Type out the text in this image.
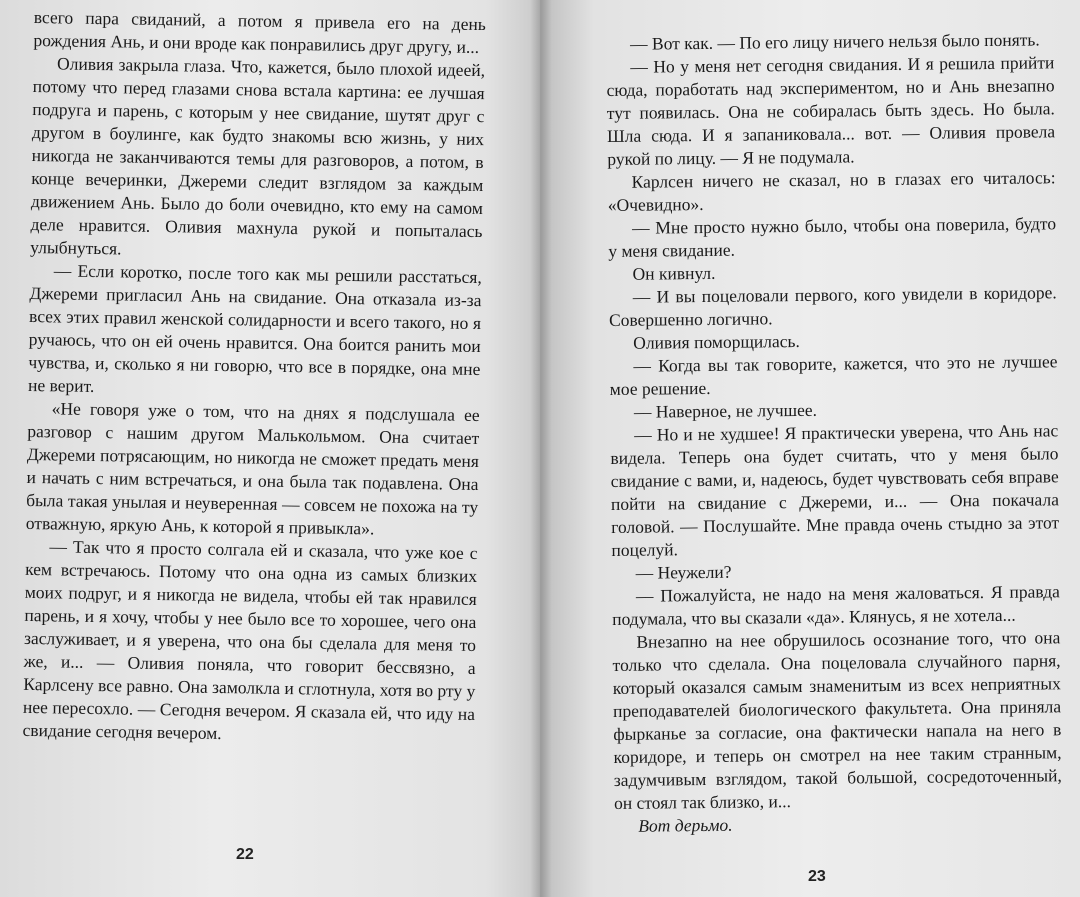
всего пара свиданий, а потом я привела его на день рождения Ань, и они вроде как понравились друг другу, и...

Оливия закрыла глаза. Что, кажется, было плохой идеей, потому что перед глазами снова встала картина: ее лучшая подруга и парень, с которым у нее свидание, шутят друг с другом в боулинге, как будто знакомы всю жизнь, у них никогда не заканчиваются темы для разговоров, а потом, в конце вечеринки, Джереми следит взглядом за каждым движением Ань. Было до боли очевидно, кто ему на самом деле нравится. Оливия махнула рукой и попыталась улыбнуться.

— Если коротко, после того как мы решили расстаться, Джереми пригласил Ань на свидание. Она отказала из-за всех этих правил женской солидарности и всего такого, но я ручаюсь, что он ей очень нравится. Она боится ранить мои чувства, и, сколько я ни говорю, что все в порядке, она мне не верит.

«Не говоря уже о том, что на днях я подслушала ее разговор с нашим другом Малькольмом. Она считает Джереми потрясающим, но никогда не сможет предать меня и начать с ним встречаться, и она была так подавлена. Она была такая унылая и неуверенная — совсем не похожа на ту отважную, яркую Ань, к которой я привыкла».

— Так что я просто солгала ей и сказала, что уже кое с кем встречаюсь. Потому что она одна из самых близких моих подруг, и я никогда не видела, чтобы ей так нравился парень, и я хочу, чтобы у нее было все то хорошее, чего она заслуживает, и я уверена, что она бы сделала для меня то же, и... — Оливия поняла, что говорит бессвязно, а Карлсену все равно. Она замолкла и сглотнула, хотя во рту у нее пересохло. — Сегодня вечером. Я сказала ей, что иду на свидание сегодня вечером.

22

— Вот как. — По его лицу ничего нельзя было понять.

— Но у меня нет сегодня свидания. И я решила прийти сюда, поработать над экспериментом, но и Ань внезапно тут появилась. Она не собиралась быть здесь. Но была. Шла сюда. И я запаниковала... вот. — Оливия провела рукой по лицу. — Я не подумала.

Карлсен ничего не сказал, но в глазах его читалось: «Очевидно».

— Мне просто нужно было, чтобы она поверила, будто у меня свидание.

Он кивнул.

— И вы поцеловали первого, кого увидели в коридоре. Совершенно логично.

Оливия поморщилась.

— Когда вы так говорите, кажется, что это не лучшее мое решение.

— Наверное, не лучшее.

— Но и не худшее! Я практически уверена, что Ань нас видела. Теперь она будет считать, что у меня было свидание с вами, и, надеюсь, будет чувствовать себя вправе пойти на свидание с Джереми, и... — Она покачала головой. — Послушайте. Мне правда очень стыдно за этот поцелуй.

— Неужели?

— Пожалуйста, не надо на меня жаловаться. Я правда подумала, что вы сказали «да». Клянусь, я не хотела...

Внезапно на нее обрушилось осознание того, что она только что сделала. Она поцеловала случайного парня, который оказался самым знаменитым из всех неприятных преподавателей биологического факультета. Она приняла фырканье за согласие, она фактически напала на него в коридоре, и теперь он смотрел на нее таким странным, задумчивым взглядом, такой большой, сосредоточенный, он стоял так близко, и...

Вот дерьмо.

23
